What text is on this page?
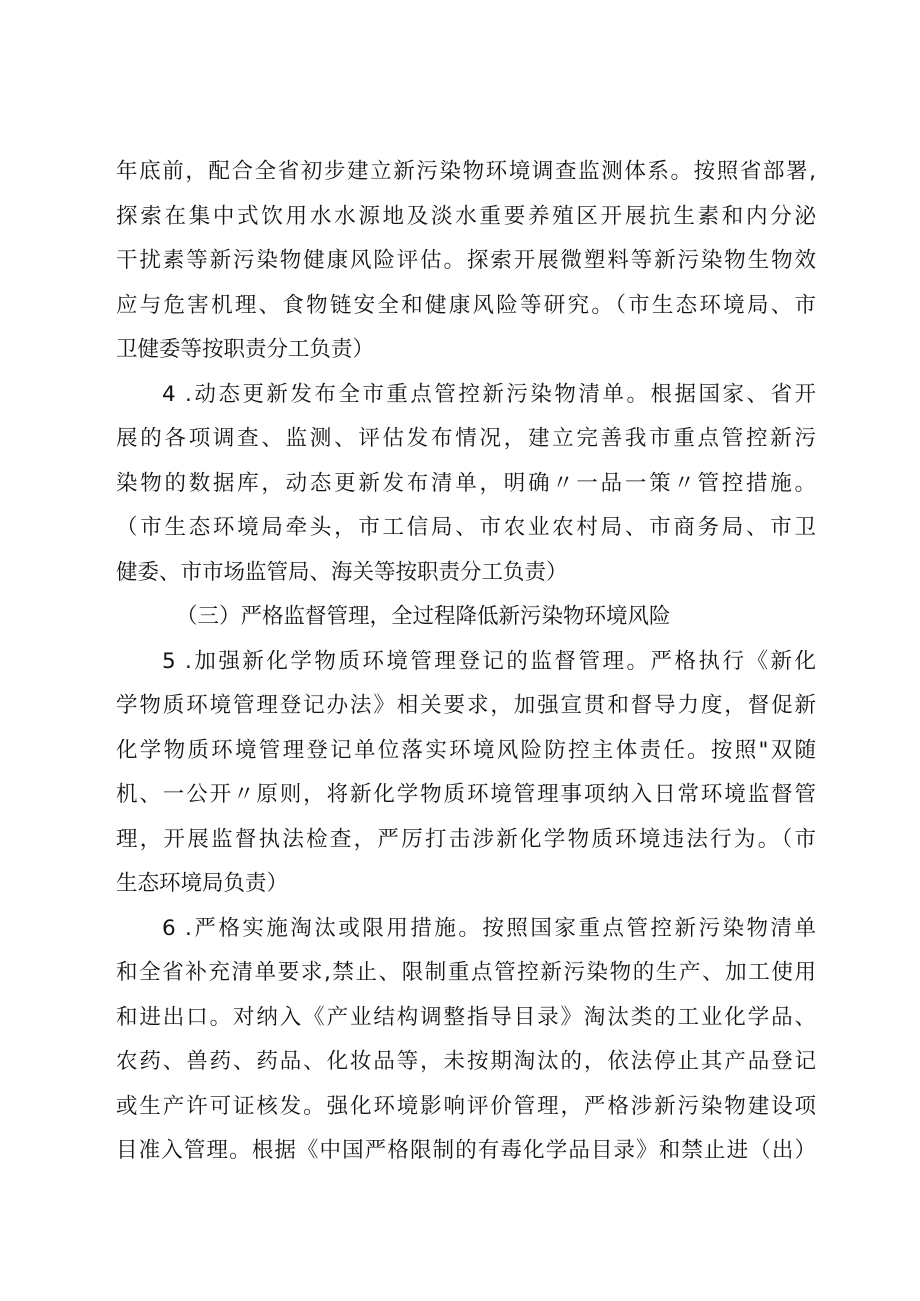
年底前，配合全省初步建立新污染物环境调查监测体系。按照省部署,
探索在集中式饮用水水源地及淡水重要养殖区开展抗生素和内分泌
干扰素等新污染物健康风险评估。探索开展微塑料等新污染物生物效
应与危害机理、食物链安全和健康风险等研究。（市生态环境局、市
卫健委等按职责分工负责）
4 .动态更新发布全市重点管控新污染物清单。根据国家、省开
展的各项调查、监测、评估发布情况，建立完善我市重点管控新污
染物的数据库，动态更新发布清单，明确〃一品一策〃管控措施。
（市生态环境局牵头，市工信局、市农业农村局、市商务局、市卫
健委、市市场监管局、海关等按职责分工负责）
（三）严格监督管理，全过程降低新污染物环境风险
5 .加强新化学物质环境管理登记的监督管理。严格执行《新化
学物质环境管理登记办法》相关要求，加强宣贯和督导力度，督促新
化学物质环境管理登记单位落实环境风险防控主体责任。按照"双随
机、一公开〃原则，将新化学物质环境管理事项纳入日常环境监督管
理，开展监督执法检查，严厉打击涉新化学物质环境违法行为。（市
生态环境局负责）
6 .严格实施淘汰或限用措施。按照国家重点管控新污染物清单
和全省补充清单要求,禁止、限制重点管控新污染物的生产、加工使用
和进出口。对纳入《产业结构调整指导目录》淘汰类的工业化学品、
农药、兽药、药品、化妆品等，未按期淘汰的，依法停止其产品登记
或生产许可证核发。强化环境影响评价管理，严格涉新污染物建设项
目准入管理。根据《中国严格限制的有毒化学品目录》和禁止进（出）
